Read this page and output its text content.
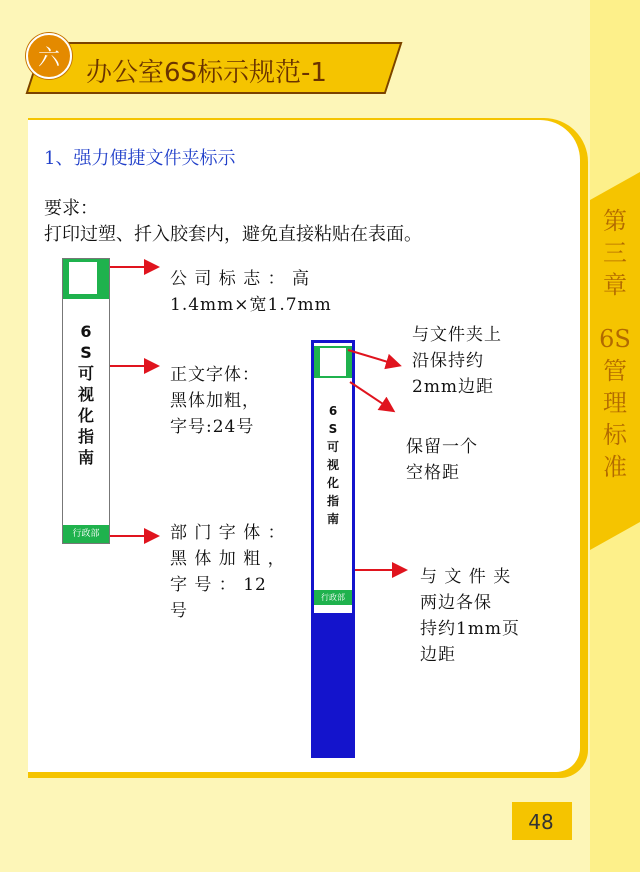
第
三
章
6S
管
理
标
准
办公室6S标示规范-1
六
1、强力便捷文件夹标示
要求：
打印过塑、扦入胶套内，避免直接粘贴在表面。
6
S
可
视
化
指
南
行政部
6
S
可
视
化
指
南
行政部
公 司 标 志 ： 高
1.4mm×宽1.7mm
正文字体：
黑体加粗，
字号:24号
部 门 字 体 ：
黑 体 加 粗 ，
字 号 ： 12
号
与文件夹上
沿保持约
2mm边距
保留一个
空格距
与 文 件 夹
两边各保
持约1mm页
边距
48
